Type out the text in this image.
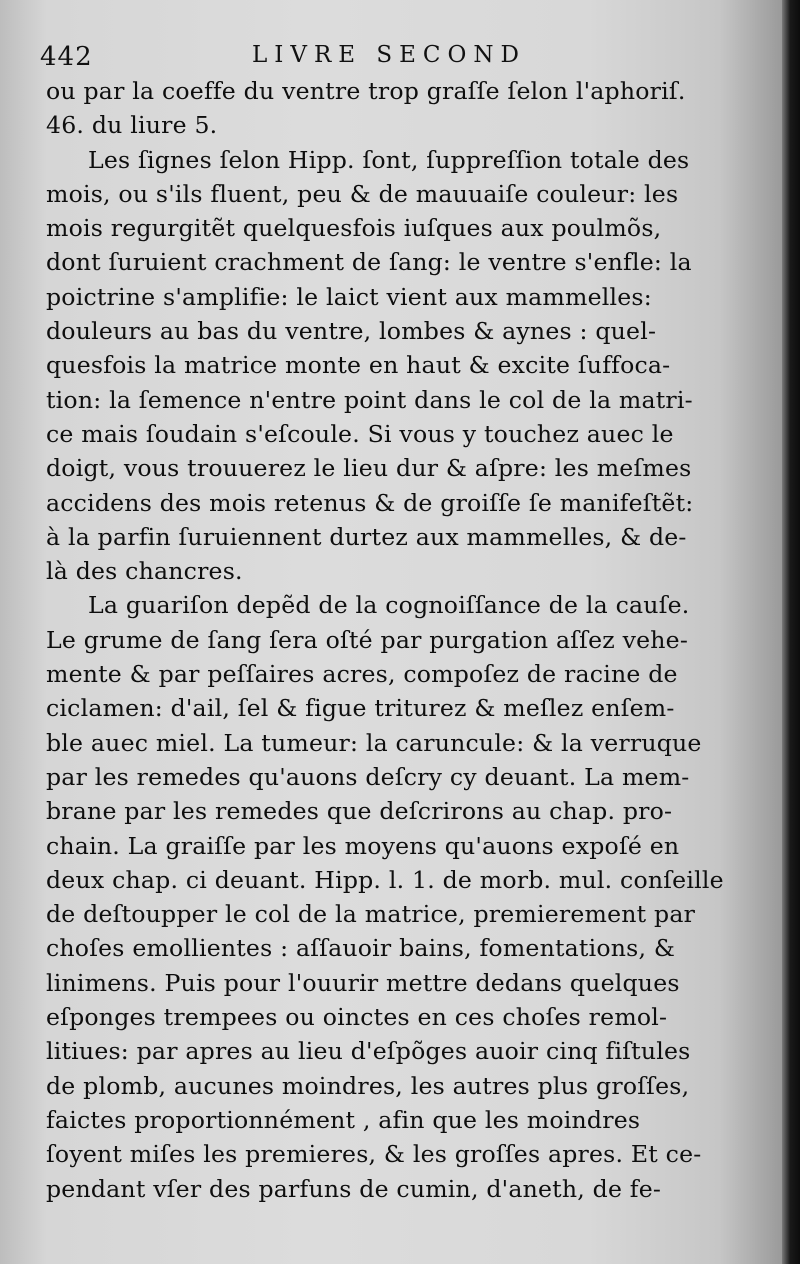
442	LIVRE SECOND
ou par la coeffe du ventre trop graſſe ſelon l'aphoriſ.
46. du liure 5.
Les ſignes ſelon Hipp. ſont, ſuppreſſion totale des
mois, ou s'ils fluent, peu & de mauuaiſe couleur: les
mois regurgitẽt quelquesfois iuſques aux poulmõs,
dont ſuruient crachment de ſang: le ventre s'enfle: la
poictrine s'amplifie: le laict vient aux mammelles:
douleurs au bas du ventre, lombes & aynes : quel-
quesfois la matrice monte en haut & excite ſuffoca-
tion: la ſemence n'entre point dans le col de la matri-
ce mais ſoudain s'eſcoule. Si vous y touchez auec le
doigt, vous trouuerez le lieu dur & aſpre: les meſmes
accidens des mois retenus & de groiſſe ſe manifeſtẽt:
à la parfin ſuruiennent durtez aux mammelles, & de-
là des chancres.
La guariſon depẽd de la cognoiſſance de la cauſe.
Le grume de ſang ſera oſté par purgation aſſez vehe-
mente & par peſſaires acres, compoſez de racine de
ciclamen: d'ail, ſel & figue triturez & meſlez enſem-
ble auec miel. La tumeur: la caruncule: & la verruque
par les remedes qu'auons deſcry cy deuant. La mem-
brane par les remedes que deſcrirons au chap. pro-
chain. La graiſſe par les moyens qu'auons expoſé en
deux chap. ci deuant. Hipp. l. 1. de morb. mul. conſeille
de deſtoupper le col de la matrice, premierement par
choſes emollientes : aſſauoir bains, fomentations, &
linimens. Puis pour l'ouurir mettre dedans quelques
eſponges trempees ou oinctes en ces choſes remol-
litiues: par apres au lieu d'eſpõges auoir cinq fiſtules
de plomb, aucunes moindres, les autres plus groſſes,
faictes proportionnément , afin que les moindres
ſoyent miſes les premieres, & les groſſes apres. Et ce-
pendant vſer des parfuns de cumin, d'aneth, de fe-
